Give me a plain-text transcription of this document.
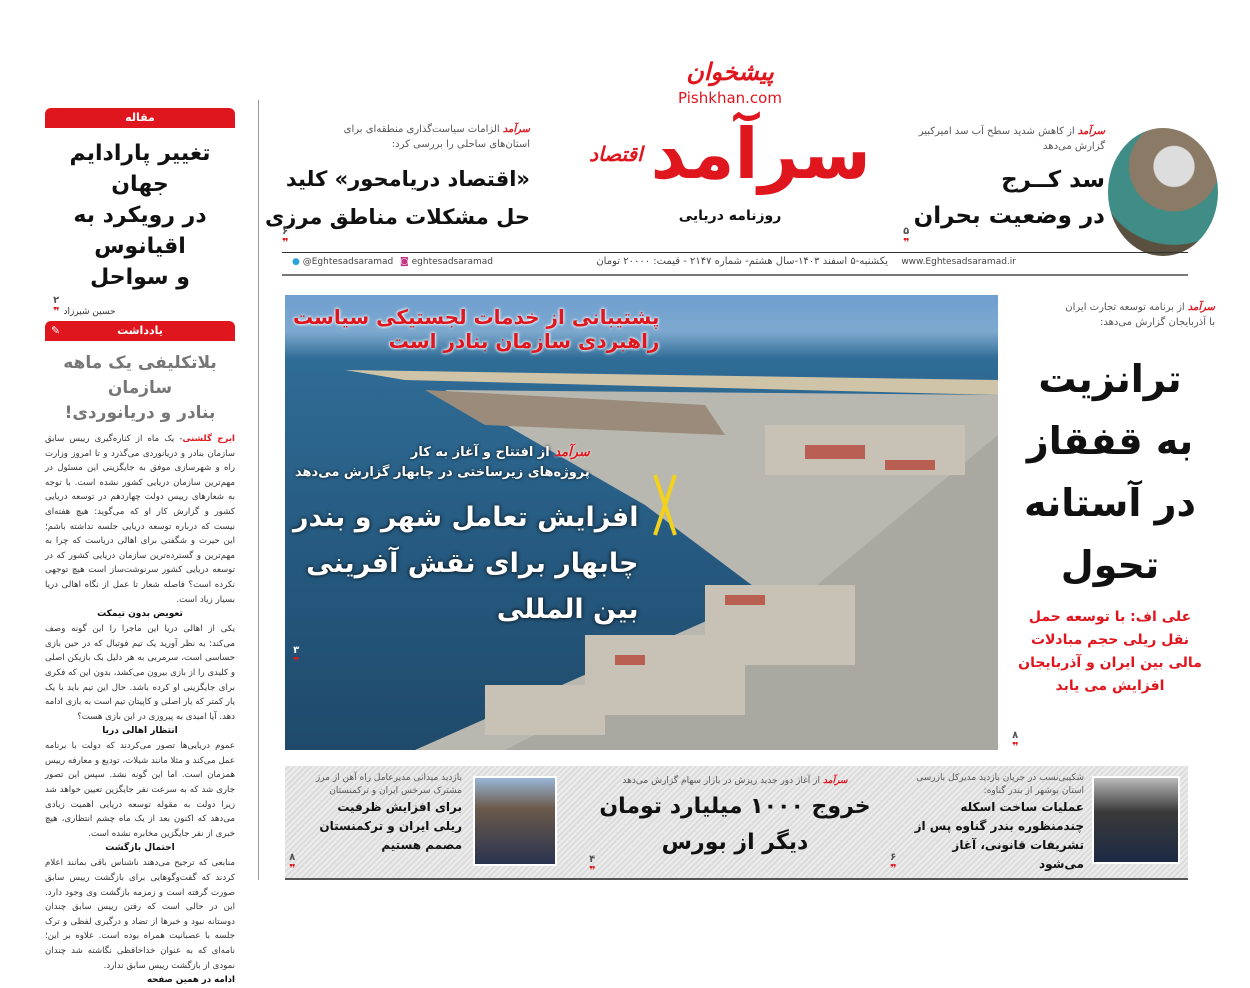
مقاله
تغییر پارادایم جهان
در رویکرد به اقیانوس
و سواحل
۲
❞ حسین شیرزاد
یادداشت
✎
بلاتکلیفی یک ماهه سازمان
بنادر و دریانوردی!

ایرج گلشنی- یک ماه از کناره‌گیری رییس سابق سازمان بنادر و دریانوردی می‌گذرد و تا امروز وزارت راه و شهرسازی موفق به جایگزینی این مسئول در مهم‌ترین سازمان دریایی کشور نشده است. با توجه به شعارهای رییس دولت چهاردهم در توسعه دریایی کشور و گزارش کار او که می‌گوید: هیچ هفته‌ای نیست که درباره توسعه دریایی جلسه نداشته باشم؛ این حیرت و شگفتی برای اهالی دریاست که چرا به مهم‌ترین و گسترده‌ترین سازمان دریایی کشور که در توسعه دریایی کشور سرنوشت‌ساز است هیچ توجهی نکرده است؟ فاصله شعار تا عمل از نگاه اهالی دریا بسیار زیاد است.

تعویض بدون تیمکت

یکی از اهالی دریا این ماجرا را این گونه وصف می‌کند: به نظر آورید یک تیم فوتبال که در حین بازی حساسی است، سرمربی به هر دلیل یک بازیکن اصلی و کلیدی را از بازی بیرون می‌کشد، بدون این که فکری برای جایگزینی او کرده باشد. حال این تیم باید با یک یار کمتر که یار اصلی و کاپیتان تیم است به بازی ادامه دهد. آیا امیدی به پیروزی در این بازی هست؟

انتظار اهالی دریا

عموم دریایی‌ها تصور می‌کردند که دولت با برنامه عمل می‌کند و مثلا مانند شیلات، تودیع و معارفه رییس همزمان است. اما این گونه نشد. سپس این تصور جاری شد که به سرعت نفر جایگزین تعیین خواهد شد زیرا دولت به مقوله توسعه دریایی اهمیت زیادی می‌دهد که اکنون بعد از یک ماه چشم انتظاری، هیچ خبری از نفر جایگزین مخابره نشده است.

احتمال بازگشت

منابعی که ترجیح می‌دهند ناشناس باقی بمانند اعلام کردند که گفت‌وگوهایی برای بازگشت رییس سابق صورت گرفته است و زمزمه بازگشت وی وجود دارد. این در حالی است که رفتن رییس سابق چندان دوستانه نبود و خبرها از تضاد و درگیری لفظی و ترک جلسه با عصبانیت همراه بوده است. علاوه بر این؛ نامه‌ای که به عنوان خداحافظی نگاشته شد چندان نمودی از بازگشت رییس سابق ندارد.

ادامه در همین صفحه

پیشخوان
Pishkhan.com
سرآمد
اقتصاد
روزنامه دریایی
سرآمدالزامات سیاست‌گذاری منطقه‌ای برای استان‌های ساحلی را بررسی کرد:
«اقتصاد دریامحور» کلید
حل مشکلات مناطق مرزی
۶
❞
سرآمداز کاهش شدید سطح آب سد امیرکبیر گزارش می‌دهد
سد کــرج
در وضعیت بحران
۵
❞
www.Eghtesadsaramad.ir
یکشنبه-۵ اسفند ۱۴۰۳-سال هشتم- شماره ۲۱۴۷ - قیمت: ۲۰۰۰۰ تومان
◙ eghtesadsaramad
● @Eghtesadsaramad
پشتیبانی از خدمات لجستیکی سیاست
راهبردی سازمان بنادر است
سرآمد از افتتاح و آغاز به کار
پروژه‌های زیرساختی در چابهار گزارش می‌دهد
افزایش تعامل شهر و بندر
چابهار برای نقش آفرینی
بین المللی
۳
❞
سرآمداز برنامه توسعه تجارت ایران
با آذربایجان گزارش می‌دهد:
ترانزیت
به قفقاز
در آستانه
تحول
علی اف: با توسعه حمل
نقل ریلی حجم مبادلات
مالی بین ایران و آذربایجان
افزایش می یابد
۸
❞
شکیبی‌نسب در جریان بازدید مدیرکل بازرسی استان بوشهر از بندر گناوه:
عملیات ساخت اسکله
چندمنظوره بندر گناوه پس از
تشریفات قانونی، آغاز می‌شود
۶
❞
سرآمداز آغاز دور جدید ریزش در بازار سهام گزارش می‌دهد
خروج ۱۰۰۰ میلیارد تومان
دیگر از بورس
۴
❞
بازدید میدانی مدیرعامل راه آهن از مرز مشترک سرخس ایران و ترکمنستان
برای افزایش ظرفیت
ریلی ایران و ترکمنستان
مصمم هستیم
۸
❞
